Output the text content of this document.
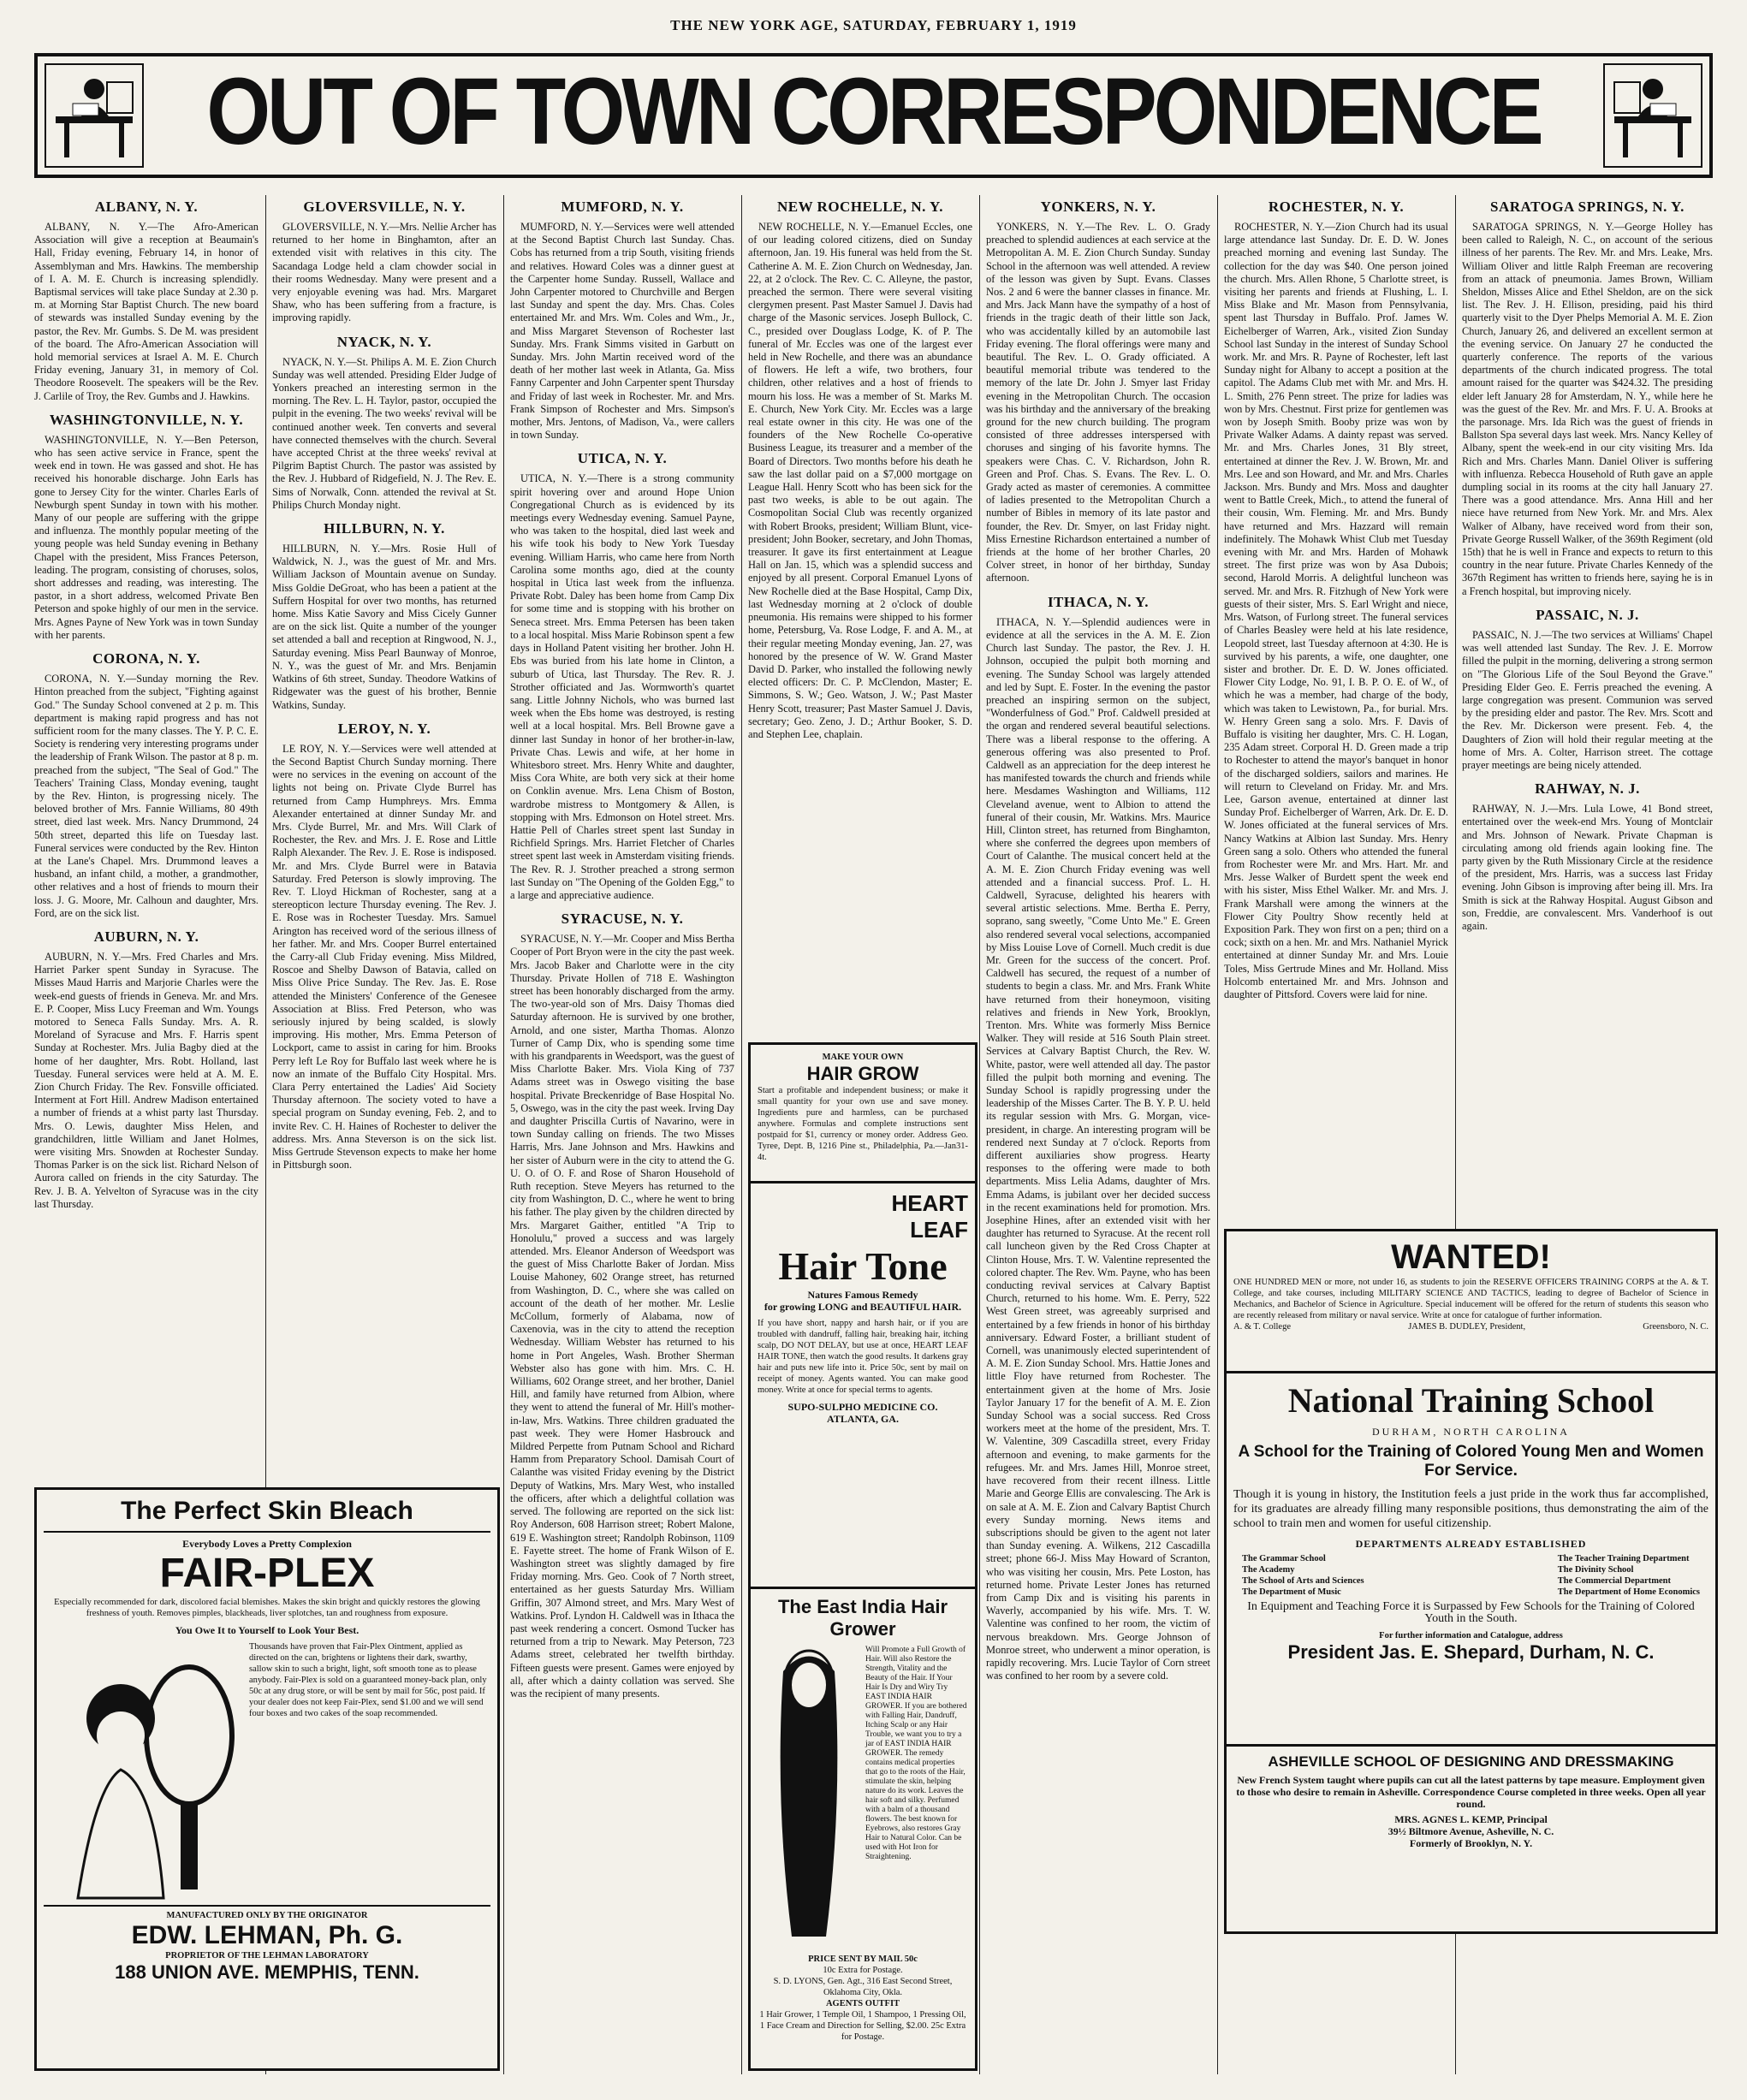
THE NEW YORK AGE, SATURDAY, FEBRUARY 1, 1919
OUT OF TOWN CORRESPONDENCE
ALBANY, N. Y.

ALBANY, N. Y.—The Afro-American Association will give a reception at Beaumain's Hall, Friday evening, February 14, in honor of Assemblyman and Mrs. Hawkins. The membership of I. A. M. E. Church is increasing splendidly. Baptismal services will take place Sunday at 2.30 p. m. at Morning Star Baptist Church. The new board of stewards was installed Sunday evening by the pastor, the Rev. Mr. Gumbs. S. De M. was president of the board. The Afro-American Association will hold memorial services at Israel A. M. E. Church Friday evening, January 31, in memory of Col. Theodore Roosevelt. The speakers will be the Rev. J. Carlile of Troy, the Rev. Gumbs and J. Hawkins.

WASHINGTONVILLE, N. Y.

WASHINGTONVILLE, N. Y.—Ben Peterson, who has seen active service in France, spent the week end in town. He was gassed and shot. He has received his honorable discharge. John Earls has gone to Jersey City for the winter. Charles Earls of Newburgh spent Sunday in town with his mother. Many of our people are suffering with the grippe and influenza. The monthly popular meeting of the young people was held Sunday evening in Bethany Chapel with the president, Miss Frances Peterson, leading. The program, consisting of choruses, solos, short addresses and reading, was interesting. The pastor, in a short address, welcomed Private Ben Peterson and spoke highly of our men in the service. Mrs. Agnes Payne of New York was in town Sunday with her parents.

CORONA, N. Y.

CORONA, N. Y.—Sunday morning the Rev. Hinton preached from the subject, "Fighting against God." The Sunday School convened at 2 p. m. This department is making rapid progress and has not sufficient room for the many classes. The Y. P. C. E. Society is rendering very interesting programs under the leadership of Frank Wilson. The pastor at 8 p. m. preached from the subject, "The Seal of God." The Teachers' Training Class, Monday evening, taught by the Rev. Hinton, is progressing nicely. The beloved brother of Mrs. Fannie Williams, 80 49th street, died last week. Mrs. Nancy Drummond, 24 50th street, departed this life on Tuesday last. Funeral services were conducted by the Rev. Hinton at the Lane's Chapel. Mrs. Drummond leaves a husband, an infant child, a mother, a grandmother, other relatives and a host of friends to mourn their loss. J. G. Moore, Mr. Calhoun and daughter, Mrs. Ford, are on the sick list.

AUBURN, N. Y.

AUBURN, N. Y.—Mrs. Fred Charles and Mrs. Harriet Parker spent Sunday in Syracuse. The Misses Maud Harris and Marjorie Charles were the week-end guests of friends in Geneva. Mr. and Mrs. E. P. Cooper, Miss Lucy Freeman and Wm. Youngs motored to Seneca Falls Sunday. Mrs. A. R. Moreland of Syracuse and Mrs. F. Harris spent Sunday at Rochester. Mrs. Julia Bagby died at the home of her daughter, Mrs. Robt. Holland, last Tuesday. Funeral services were held at A. M. E. Zion Church Friday. The Rev. Fonsville officiated. Interment at Fort Hill. Andrew Madison entertained a number of friends at a whist party last Thursday. Mrs. O. Lewis, daughter Miss Helen, and grandchildren, little William and Janet Holmes, were visiting Mrs. Snowden at Rochester Sunday. Thomas Parker is on the sick list. Richard Nelson of Aurora called on friends in the city Saturday. The Rev. J. B. A. Yelvelton of Syracuse was in the city last Thursday.

GLOVERSVILLE, N. Y.

GLOVERSVILLE, N. Y.—Mrs. Nellie Archer has returned to her home in Binghamton, after an extended visit with relatives in this city. The Sacandaga Lodge held a clam chowder social in their rooms Wednesday. Many were present and a very enjoyable evening was had. Mrs. Margaret Shaw, who has been suffering from a fracture, is improving rapidly.

NYACK, N. Y.

NYACK, N. Y.—St. Philips A. M. E. Zion Church Sunday was well attended. Presiding Elder Judge of Yonkers preached an interesting sermon in the morning. The Rev. L. H. Taylor, pastor, occupied the pulpit in the evening. The two weeks' revival will be continued another week. Ten converts and several have connected themselves with the church. Several have accepted Christ at the three weeks' revival at Pilgrim Baptist Church. The pastor was assisted by the Rev. J. Hubbard of Ridgefield, N. J. The Rev. E. Sims of Norwalk, Conn. attended the revival at St. Philips Church Monday night.

HILLBURN, N. Y.

HILLBURN, N. Y.—Mrs. Rosie Hull of Waldwick, N. J., was the guest of Mr. and Mrs. William Jackson of Mountain avenue on Sunday. Miss Goldie DeGroat, who has been a patient at the Suffern Hospital for over two months, has returned home. Miss Katie Savory and Miss Cicely Gunner are on the sick list. Quite a number of the younger set attended a ball and reception at Ringwood, N. J., Saturday evening. Miss Pearl Baunway of Monroe, N. Y., was the guest of Mr. and Mrs. Benjamin Watkins of 6th street, Sunday. Theodore Watkins of Ridgewater was the guest of his brother, Bennie Watkins, Sunday.

LEROY, N. Y.

LE ROY, N. Y.—Services were well attended at the Second Baptist Church Sunday morning. There were no services in the evening on account of the lights not being on. Private Clyde Burrel has returned from Camp Humphreys. Mrs. Emma Alexander entertained at dinner Sunday Mr. and Mrs. Clyde Burrel, Mr. and Mrs. Will Clark of Rochester, the Rev. and Mrs. J. E. Rose and Little Ralph Alexander. The Rev. J. E. Rose is indisposed. Mr. and Mrs. Clyde Burrel were in Batavia Saturday. Fred Peterson is slowly improving. The Rev. T. Lloyd Hickman of Rochester, sang at a stereopticon lecture Thursday evening. The Rev. J. E. Rose was in Rochester Tuesday. Mrs. Samuel Arington has received word of the serious illness of her father. Mr. and Mrs. Cooper Burrel entertained the Carry-all Club Friday evening. Miss Mildred, Roscoe and Shelby Dawson of Batavia, called on Miss Olive Price Sunday. The Rev. Jas. E. Rose attended the Ministers' Conference of the Genesee Association at Bliss. Fred Peterson, who was seriously injured by being scalded, is slowly improving. His mother, Mrs. Emma Peterson of Lockport, came to assist in caring for him. Brooks Perry left Le Roy for Buffalo last week where he is now an inmate of the Buffalo City Hospital. Mrs. Clara Perry entertained the Ladies' Aid Society Thursday afternoon. The society voted to have a special program on Sunday evening, Feb. 2, and to invite Rev. C. H. Haines of Rochester to deliver the address. Mrs. Anna Steverson is on the sick list. Miss Gertrude Stevenson expects to make her home in Pittsburgh soon.

MUMFORD, N. Y.

MUMFORD, N. Y.—Services were well attended at the Second Baptist Church last Sunday. Chas. Cobs has returned from a trip South, visiting friends and relatives. Howard Coles was a dinner guest at the Carpenter home Sunday. Russell, Wallace and John Carpenter motored to Churchville and Bergen last Sunday and spent the day. Mrs. Chas. Coles entertained Mr. and Mrs. Wm. Coles and Wm., Jr., and Miss Margaret Stevenson of Rochester last Sunday. Mrs. Frank Simms visited in Garbutt on Sunday. Mrs. John Martin received word of the death of her mother last week in Atlanta, Ga. Miss Fanny Carpenter and John Carpenter spent Thursday and Friday of last week in Rochester. Mr. and Mrs. Frank Simpson of Rochester and Mrs. Simpson's mother, Mrs. Jentons, of Madison, Va., were callers in town Sunday.

UTICA, N. Y.

UTICA, N. Y.—There is a strong community spirit hovering over and around Hope Union Congregational Church as is evidenced by its meetings every Wednesday evening. Samuel Payne, who was taken to the hospital, died last week and his wife took his body to New York Tuesday evening. William Harris, who came here from North Carolina some months ago, died at the county hospital in Utica last week from the influenza. Private Robt. Daley has been home from Camp Dix for some time and is stopping with his brother on Seneca street. Mrs. Emma Petersen has been taken to a local hospital. Miss Marie Robinson spent a few days in Holland Patent visiting her brother. John H. Ebs was buried from his late home in Clinton, a suburb of Utica, last Thursday. The Rev. R. J. Strother officiated and Jas. Wormworth's quartet sang. Little Johnny Nichols, who was burned last week when the Ebs home was destroyed, is resting well at a local hospital. Mrs. Bell Browne gave a dinner last Sunday in honor of her brother-in-law, Private Chas. Lewis and wife, at her home in Whitesboro street. Mrs. Henry White and daughter, Miss Cora White, are both very sick at their home on Conklin avenue. Mrs. Lena Chism of Boston, wardrobe mistress to Montgomery & Allen, is stopping with Mrs. Edmonson on Hotel street. Mrs. Hattie Pell of Charles street spent last Sunday in Richfield Springs. Mrs. Harriet Fletcher of Charles street spent last week in Amsterdam visiting friends. The Rev. R. J. Strother preached a strong sermon last Sunday on "The Opening of the Golden Egg," to a large and appreciative audience.

SYRACUSE, N. Y.

SYRACUSE, N. Y.—Mr. Cooper and Miss Bertha Cooper of Port Bryon were in the city the past week. Mrs. Jacob Baker and Charlotte were in the city Thursday. Private Hollen of 718 E. Washington street has been honorably discharged from the army. The two-year-old son of Mrs. Daisy Thomas died Saturday afternoon. He is survived by one brother, Arnold, and one sister, Martha Thomas. Alonzo Turner of Camp Dix, who is spending some time with his grandparents in Weedsport, was the guest of Miss Charlotte Baker. Mrs. Viola King of 737 Adams street was in Oswego visiting the base hospital. Private Breckenridge of Base Hospital No. 5, Oswego, was in the city the past week. Irving Day and daughter Priscilla Curtis of Navarino, were in town Sunday calling on friends. The two Misses Harris, Mrs. Jane Johnson and Mrs. Hawkins and her sister of Auburn were in the city to attend the G. U. O. of O. F. and Rose of Sharon Household of Ruth reception. Steve Meyers has returned to the city from Washington, D. C., where he went to bring his father. The play given by the children directed by Mrs. Margaret Gaither, entitled "A Trip to Honolulu," proved a success and was largely attended. Mrs. Eleanor Anderson of Weedsport was the guest of Miss Charlotte Baker of Jordan. Miss Louise Mahoney, 602 Orange street, has returned from Washington, D. C., where she was called on account of the death of her mother. Mr. Leslie McCollum, formerly of Alabama, now of Caxenovia, was in the city to attend the reception Wednesday. William Webster has returned to his home in Port Angeles, Wash. Brother Sherman Webster also has gone with him. Mrs. C. H. Williams, 602 Orange street, and her brother, Daniel Hill, and family have returned from Albion, where they went to attend the funeral of Mr. Hill's mother-in-law, Mrs. Watkins. Three children graduated the past week. They were Homer Hasbrouck and Mildred Perpette from Putnam School and Richard Hamm from Preparatory School. Damisah Court of Calanthe was visited Friday evening by the District Deputy of Watkins, Mrs. Mary West, who installed the officers, after which a delightful collation was served. The following are reported on the sick list: Roy Anderson, 608 Harrison street; Robert Malone, 619 E. Washington street; Randolph Robinson, 1109 E. Fayette street. The home of Frank Wilson of E. Washington street was slightly damaged by fire Friday morning. Mrs. Geo. Cook of 7 North street, entertained as her guests Saturday Mrs. William Griffin, 307 Almond street, and Mrs. Mary West of Watkins. Prof. Lyndon H. Caldwell was in Ithaca the past week rendering a concert. Osmond Tucker has returned from a trip to Newark. May Peterson, 723 Adams street, celebrated her twelfth birthday. Fifteen guests were present. Games were enjoyed by all, after which a dainty collation was served. She was the recipient of many presents.

NEW ROCHELLE, N. Y.

NEW ROCHELLE, N. Y.—Emanuel Eccles, one of our leading colored citizens, died on Sunday afternoon, Jan. 19. His funeral was held from the St. Catherine A. M. E. Zion Church on Wednesday, Jan. 22, at 2 o'clock. The Rev. C. C. Alleyne, the pastor, preached the sermon. There were several visiting clergymen present. Past Master Samuel J. Davis had charge of the Masonic services. Joseph Bullock, C. C., presided over Douglass Lodge, K. of P. The funeral of Mr. Eccles was one of the largest ever held in New Rochelle, and there was an abundance of flowers. He left a wife, two brothers, four children, other relatives and a host of friends to mourn his loss. He was a member of St. Marks M. E. Church, New York City. Mr. Eccles was a large real estate owner in this city. He was one of the founders of the New Rochelle Co-operative Business League, its treasurer and a member of the Board of Directors. Two months before his death he saw the last dollar paid on a $7,000 mortgage on League Hall. Henry Scott who has been sick for the past two weeks, is able to be out again. The Cosmopolitan Social Club was recently organized with Robert Brooks, president; William Blunt, vice-president; John Booker, secretary, and John Thomas, treasurer. It gave its first entertainment at League Hall on Jan. 15, which was a splendid success and enjoyed by all present. Corporal Emanuel Lyons of New Rochelle died at the Base Hospital, Camp Dix, last Wednesday morning at 2 o'clock of double pneumonia. His remains were shipped to his former home, Petersburg, Va. Rose Lodge, F. and A. M., at their regular meeting Monday evening, Jan. 27, was honored by the presence of W. W. Grand Master David D. Parker, who installed the following newly elected officers: Dr. C. P. McClendon, Master; E. Simmons, S. W.; Geo. Watson, J. W.; Past Master Henry Scott, treasurer; Past Master Samuel J. Davis, secretary; Geo. Zeno, J. D.; Arthur Booker, S. D. and Stephen Lee, chaplain.

YONKERS, N. Y.

YONKERS, N. Y.—The Rev. L. O. Grady preached to splendid audiences at each service at the Metropolitan A. M. E. Zion Church Sunday. Sunday School in the afternoon was well attended. A review of the lesson was given by Supt. Evans. Classes Nos. 2 and 6 were the banner classes in finance. Mr. and Mrs. Jack Mann have the sympathy of a host of friends in the tragic death of their little son Jack, who was accidentally killed by an automobile last Friday evening. The floral offerings were many and beautiful. The Rev. L. O. Grady officiated. A beautiful memorial tribute was tendered to the memory of the late Dr. John J. Smyer last Friday evening in the Metropolitan Church. The occasion was his birthday and the anniversary of the breaking ground for the new church building. The program consisted of three addresses interspersed with choruses and singing of his favorite hymns. The speakers were Chas. C. V. Richardson, John R. Green and Prof. Chas. S. Evans. The Rev. L. O. Grady acted as master of ceremonies. A committee of ladies presented to the Metropolitan Church a number of Bibles in memory of its late pastor and founder, the Rev. Dr. Smyer, on last Friday night. Miss Ernestine Richardson entertained a number of friends at the home of her brother Charles, 20 Colver street, in honor of her birthday, Sunday afternoon.

ITHACA, N. Y.

ITHACA, N. Y.—Splendid audiences were in evidence at all the services in the A. M. E. Zion Church last Sunday. The pastor, the Rev. J. H. Johnson, occupied the pulpit both morning and evening. The Sunday School was largely attended and led by Supt. E. Foster. In the evening the pastor preached an inspiring sermon on the subject, "Wonderfulness of God." Prof. Caldwell presided at the organ and rendered several beautiful selections. There was a liberal response to the offering. A generous offering was also presented to Prof. Caldwell as an appreciation for the deep interest he has manifested towards the church and friends while here. Mesdames Washington and Williams, 112 Cleveland avenue, went to Albion to attend the funeral of their cousin, Mr. Watkins. Mrs. Maurice Hill, Clinton street, has returned from Binghamton, where she conferred the degrees upon members of Court of Calanthe. The musical concert held at the A. M. E. Zion Church Friday evening was well attended and a financial success. Prof. L. H. Caldwell, Syracuse, delighted his hearers with several artistic selections. Mme. Bertha E. Perry, soprano, sang sweetly, "Come Unto Me." E. Green also rendered several vocal selections, accompanied by Miss Louise Love of Cornell. Much credit is due Mr. Green for the success of the concert. Prof. Caldwell has secured, the request of a number of students to begin a class. Mr. and Mrs. Frank White have returned from their honeymoon, visiting relatives and friends in New York, Brooklyn, Trenton. Mrs. White was formerly Miss Bernice Walker. They will reside at 516 South Plain street. Services at Calvary Baptist Church, the Rev. W. White, pastor, were well attended all day. The pastor filled the pulpit both morning and evening. The Sunday School is rapidly progressing under the leadership of the Misses Carter. The B. Y. P. U. held its regular session with Mrs. G. Morgan, vice-president, in charge. An interesting program will be rendered next Sunday at 7 o'clock. Reports from different auxiliaries show progress. Hearty responses to the offering were made to both departments. Miss Lelia Adams, daughter of Mrs. Emma Adams, is jubilant over her decided success in the recent examinations held for promotion. Mrs. Josephine Hines, after an extended visit with her daughter has returned to Syracuse. At the recent roll call luncheon given by the Red Cross Chapter at Clinton House, Mrs. T. W. Valentine represented the colored chapter. The Rev. Wm. Payne, who has been conducting revival services at Calvary Baptist Church, returned to his home. Wm. E. Perry, 522 West Green street, was agreeably surprised and entertained by a few friends in honor of his birthday anniversary. Edward Foster, a brilliant student of Cornell, was unanimously elected superintendent of A. M. E. Zion Sunday School. Mrs. Hattie Jones and little Floy have returned from Rochester. The entertainment given at the home of Mrs. Josie Taylor January 17 for the benefit of A. M. E. Zion Sunday School was a social success. Red Cross workers meet at the home of the president, Mrs. T. W. Valentine, 309 Cascadilla street, every Friday afternoon and evening, to make garments for the refugees. Mr. and Mrs. James Hill, Monroe street, have recovered from their recent illness. Little Marie and George Ellis are convalescing. The Ark is on sale at A. M. E. Zion and Calvary Baptist Church every Sunday morning. News items and subscriptions should be given to the agent not later than Sunday evening. A. Wilkens, 212 Cascadilla street; phone 66-J. Miss May Howard of Scranton, who was visiting her cousin, Mrs. Pete Loston, has returned home. Private Lester Jones has returned from Camp Dix and is visiting his parents in Waverly, accompanied by his wife. Mrs. T. W. Valentine was confined to her room, the victim of nervous breakdown. Mrs. George Johnson of Monroe street, who underwent a minor operation, is rapidly recovering. Mrs. Lucie Taylor of Corn street was confined to her room by a severe cold.

ROCHESTER, N. Y.

ROCHESTER, N. Y.—Zion Church had its usual large attendance last Sunday. Dr. E. D. W. Jones preached morning and evening last Sunday. The collection for the day was $40. One person joined the church. Mrs. Allen Rhone, 5 Charlotte street, is visiting her parents and friends at Flushing, L. I. Miss Blake and Mr. Mason from Pennsylvania, spent last Thursday in Buffalo. Prof. James W. Eichelberger of Warren, Ark., visited Zion Sunday School last Sunday in the interest of Sunday School work. Mr. and Mrs. R. Payne of Rochester, left last Sunday night for Albany to accept a position at the capitol. The Adams Club met with Mr. and Mrs. H. L. Smith, 276 Penn street. The prize for ladies was won by Mrs. Chestnut. First prize for gentlemen was won by Joseph Smith. Booby prize was won by Private Walker Adams. A dainty repast was served. Mr. and Mrs. Charles Jones, 31 Bly street, entertained at dinner the Rev. J. W. Brown, Mr. and Mrs. Lee and son Howard, and Mr. and Mrs. Charles Jackson. Mrs. Bundy and Mrs. Moss and daughter went to Battle Creek, Mich., to attend the funeral of their cousin, Wm. Fleming. Mr. and Mrs. Bundy have returned and Mrs. Hazzard will remain indefinitely. The Mohawk Whist Club met Tuesday evening with Mr. and Mrs. Harden of Mohawk street. The first prize was won by Asa Dubois; second, Harold Morris. A delightful luncheon was served. Mr. and Mrs. R. Fitzhugh of New York were guests of their sister, Mrs. S. Earl Wright and niece, Mrs. Watson, of Furlong street. The funeral services of Charles Beasley were held at his late residence, Leopold street, last Tuesday afternoon at 4:30. He is survived by his parents, a wife, one daughter, one sister and brother. Dr. E. D. W. Jones officiated. Flower City Lodge, No. 91, I. B. P. O. E. of W., of which he was a member, had charge of the body, which was taken to Lewistown, Pa., for burial. Mrs. W. Henry Green sang a solo. Mrs. F. Davis of Buffalo is visiting her daughter, Mrs. C. H. Logan, 235 Adam street. Corporal H. D. Green made a trip to Rochester to attend the mayor's banquet in honor of the discharged soldiers, sailors and marines. He will return to Cleveland on Friday. Mr. and Mrs. Lee, Garson avenue, entertained at dinner last Sunday Prof. Eichelberger of Warren, Ark. Dr. E. D. W. Jones officiated at the funeral services of Mrs. Nancy Watkins at Albion last Sunday. Mrs. Henry Green sang a solo. Others who attended the funeral from Rochester were Mr. and Mrs. Hart. Mr. and Mrs. Jesse Walker of Burdett spent the week end with his sister, Miss Ethel Walker. Mr. and Mrs. J. Frank Marshall were among the winners at the Flower City Poultry Show recently held at Exposition Park. They won first on a pen; third on a cock; sixth on a hen. Mr. and Mrs. Nathaniel Myrick entertained at dinner Sunday Mr. and Mrs. Louie Toles, Miss Gertrude Mines and Mr. Holland. Miss Holcomb entertained Mr. and Mrs. Johnson and daughter of Pittsford. Covers were laid for nine.

SARATOGA SPRINGS, N. Y.

SARATOGA SPRINGS, N. Y.—George Holley has been called to Raleigh, N. C., on account of the serious illness of her parents. The Rev. Mr. and Mrs. Leake, Mrs. William Oliver and little Ralph Freeman are recovering from an attack of pneumonia. James Brown, William Sheldon, Misses Alice and Ethel Sheldon, are on the sick list. The Rev. J. H. Ellison, presiding, paid his third quarterly visit to the Dyer Phelps Memorial A. M. E. Zion Church, January 26, and delivered an excellent sermon at the evening service. On January 27 he conducted the quarterly conference. The reports of the various departments of the church indicated progress. The total amount raised for the quarter was $424.32. The presiding elder left January 28 for Amsterdam, N. Y., while here he was the guest of the Rev. Mr. and Mrs. F. U. A. Brooks at the parsonage. Mrs. Ida Rich was the guest of friends in Ballston Spa several days last week. Mrs. Nancy Kelley of Albany, spent the week-end in our city visiting Mrs. Ida Rich and Mrs. Charles Mann. Daniel Oliver is suffering with influenza. Rebecca Household of Ruth gave an apple dumpling social in its rooms at the city hall January 27. There was a good attendance. Mrs. Anna Hill and her niece have returned from New York. Mr. and Mrs. Alex Walker of Albany, have received word from their son, Private George Russell Walker, of the 369th Regiment (old 15th) that he is well in France and expects to return to this country in the near future. Private Charles Kennedy of the 367th Regiment has written to friends here, saying he is in a French hospital, but improving nicely.

PASSAIC, N. J.

PASSAIC, N. J.—The two services at Williams' Chapel was well attended last Sunday. The Rev. J. E. Morrow filled the pulpit in the morning, delivering a strong sermon on "The Glorious Life of the Soul Beyond the Grave." Presiding Elder Geo. E. Ferris preached the evening. A large congregation was present. Communion was served by the presiding elder and pastor. The Rev. Mrs. Scott and the Rev. Mr. Dickerson were present. Feb. 4, the Daughters of Zion will hold their regular meeting at the home of Mrs. A. Colter, Harrison street. The cottage prayer meetings are being nicely attended.

RAHWAY, N. J.

RAHWAY, N. J.—Mrs. Lula Lowe, 41 Bond street, entertained over the week-end Mrs. Young of Montclair and Mrs. Johnson of Newark. Private Chapman is circulating among old friends again looking fine. The party given by the Ruth Missionary Circle at the residence of the president, Mrs. Harris, was a success last Friday evening. John Gibson is improving after being ill. Mrs. Ira Smith is sick at the Rahway Hospital. August Gibson and son, Freddie, are convalescent. Mrs. Vanderhoof is out again.

The Perfect Skin Bleach
Everybody Loves a Pretty Complexion
FAIR-PLEX
Especially recommended for dark, discolored facial blemishes. Makes the skin bright and quickly restores the glowing freshness of youth. Removes pimples, blackheads, liver splotches, tan and roughness from exposure.
You Owe It to Yourself to Look Your Best.
Thousands have proven that Fair-Plex Ointment, applied as directed on the can, brightens or lightens their dark, swarthy, sallow skin to such a bright, light, soft smooth tone as to please anybody. Fair-Plex is sold on a guaranteed money-back plan, only 50c at any drug store, or will be sent by mail for 56c, post paid. If your dealer does not keep Fair-Plex, send $1.00 and we will send four boxes and two cakes of the soap recommended.
MANUFACTURED ONLY BY THE ORIGINATOR
EDW. LEHMAN, Ph. G.
PROPRIETOR OF THE LEHMAN LABORATORY
188 UNION AVE. MEMPHIS, TENN.
MAKE YOUR OWN
HAIR GROW
Start a profitable and independent business; or make it small quantity for your own use and save money. Ingredients pure and harmless, can be purchased anywhere. Formulas and complete instructions sent postpaid for $1, currency or money order. Address Geo. Tyree, Dept. B, 1216 Pine st., Philadelphia, Pa.—Jan31-4t.
HEART
LEAF
Hair Tone
Natures Famous Remedy
for growing LONG and BEAUTIFUL HAIR.
If you have short, nappy and harsh hair, or if you are troubled with dandruff, falling hair, breaking hair, itching scalp, DO NOT DELAY, but use at once, HEART LEAF HAIR TONE, then watch the good results. It darkens gray hair and puts new life into it. Price 50c, sent by mail on receipt of money. Agents wanted. You can make good money. Write at once for special terms to agents.
SUPO-SULPHO MEDICINE CO.
ATLANTA, GA.
The East India Hair Grower
Will Promote a Full Growth of Hair. Will also Restore the Strength, Vitality and the Beauty of the Hair. If Your Hair Is Dry and Wiry Try EAST INDIA HAIR GROWER. If you are bothered with Falling Hair, Dandruff, Itching Scalp or any Hair Trouble, we want you to try a jar of EAST INDIA HAIR GROWER. The remedy contains medical properties that go to the roots of the Hair, stimulate the skin, helping nature do its work. Leaves the hair soft and silky. Perfumed with a balm of a thousand flowers. The best known for Eyebrows, also restores Gray Hair to Natural Color. Can be used with Hot Iron for Straightening.
PRICE SENT BY MAIL 50c
10c Extra for Postage.
S. D. LYONS, Gen. Agt., 316 East Second Street, Oklahoma City, Okla.
AGENTS OUTFIT
1 Hair Grower, 1 Temple Oil, 1 Shampoo, 1 Pressing Oil, 1 Face Cream and Direction for Selling, $2.00. 25c Extra for Postage.
WANTED!
ONE HUNDRED MEN or more, not under 16, as students to join the RESERVE OFFICERS TRAINING CORPS at the A. & T. College, and take courses, including MILITARY SCIENCE AND TACTICS, leading to degree of Bachelor of Science in Mechanics, and Bachelor of Science in Agriculture. Special inducement will be offered for the return of students this season who are recently released from military or naval service. Write at once for catalogue of further information.
A. & T. College	JAMES B. DUDLEY, President,	Greensboro, N. C.
National Training School
DURHAM, NORTH CAROLINA
A School for the Training of Colored Young Men and Women For Service.
Though it is young in history, the Institution feels a just pride in the work thus far accomplished, for its graduates are already filling many responsible positions, thus demonstrating the aim of the school to train men and women for useful citizenship.
DEPARTMENTS ALREADY ESTABLISHED
The Grammar School
The Academy
The School of Arts and Sciences
The Department of Music
The Teacher Training Department
The Divinity School
The Commercial Department
The Department of Home Economics
In Equipment and Teaching Force it is Surpassed by Few Schools for the Training of Colored Youth in the South.
For further information and Catalogue, address
President Jas. E. Shepard, Durham, N. C.
ASHEVILLE SCHOOL OF DESIGNING AND DRESSMAKING
New French System taught where pupils can cut all the latest patterns by tape measure. Employment given to those who desire to remain in Asheville. Correspondence Course completed in three weeks. Open all year round.
MRS. AGNES L. KEMP, Principal
39½ Biltmore Avenue, Asheville, N. C.
Formerly of Brooklyn, N. Y.
